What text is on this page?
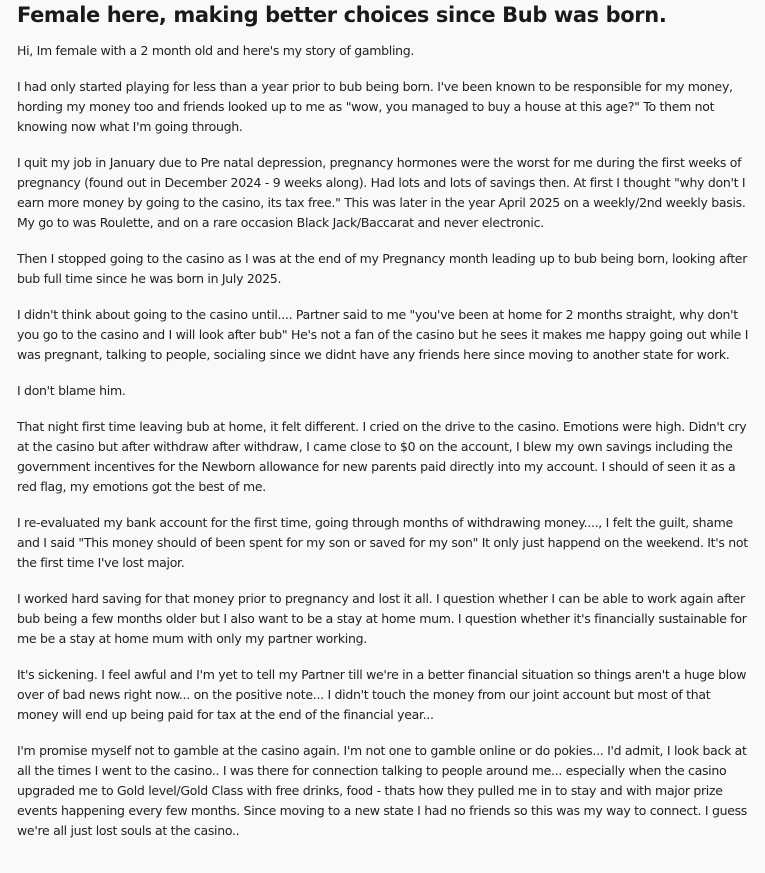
Female here, making better choices since Bub was born.

Hi, Im female with a 2 month old and here's my story of gambling.

I had only started playing for less than a year prior to bub being born. I've been known to be responsible for my money, hording my money too and friends looked up to me as "wow, you managed to buy a house at this age?" To them not knowing now what I'm going through.

I quit my job in January due to Pre natal depression, pregnancy hormones were the worst for me during the first weeks of pregnancy (found out in December 2024 - 9 weeks along). Had lots and lots of savings then. At first I thought "why don't I earn more money by going to the casino, its tax free." This was later in the year April 2025 on a weekly/2nd weekly basis. My go to was Roulette, and on a rare occasion Black Jack/Baccarat and never electronic.

Then I stopped going to the casino as I was at the end of my Pregnancy month leading up to bub being born, looking after bub full time since he was born in July 2025.

I didn't think about going to the casino until.... Partner said to me "you've been at home for 2 months straight, why don't you go to the casino and I will look after bub" He's not a fan of the casino but he sees it makes me happy going out while I was pregnant, talking to people, socialing since we didnt have any friends here since moving to another state for work.

I don't blame him.

That night first time leaving bub at home, it felt different. I cried on the drive to the casino. Emotions were high. Didn't cry at the casino but after withdraw after withdraw, I came close to $0 on the account, I blew my own savings including the government incentives for the Newborn allowance for new parents paid directly into my account. I should of seen it as a red flag, my emotions got the best of me.

I re-evaluated my bank account for the first time, going through months of withdrawing money...., I felt the guilt, shame and I said "This money should of been spent for my son or saved for my son" It only just happend on the weekend. It's not the first time I've lost major.

I worked hard saving for that money prior to pregnancy and lost it all. I question whether I can be able to work again after bub being a few months older but I also want to be a stay at home mum. I question whether it's financially sustainable for me be a stay at home mum with only my partner working.

It's sickening. I feel awful and I'm yet to tell my Partner till we're in a better financial situation so things aren't a huge blow over of bad news right now... on the positive note... I didn't touch the money from our joint account but most of that money will end up being paid for tax at the end of the financial year...

I'm promise myself not to gamble at the casino again. I'm not one to gamble online or do pokies... I'd admit, I look back at all the times I went to the casino.. I was there for connection talking to people around me... especially when the casino upgraded me to Gold level/Gold Class with free drinks, food - thats how they pulled me in to stay and with major prize events happening every few months. Since moving to a new state I had no friends so this was my way to connect. I guess we're all just lost souls at the casino..
